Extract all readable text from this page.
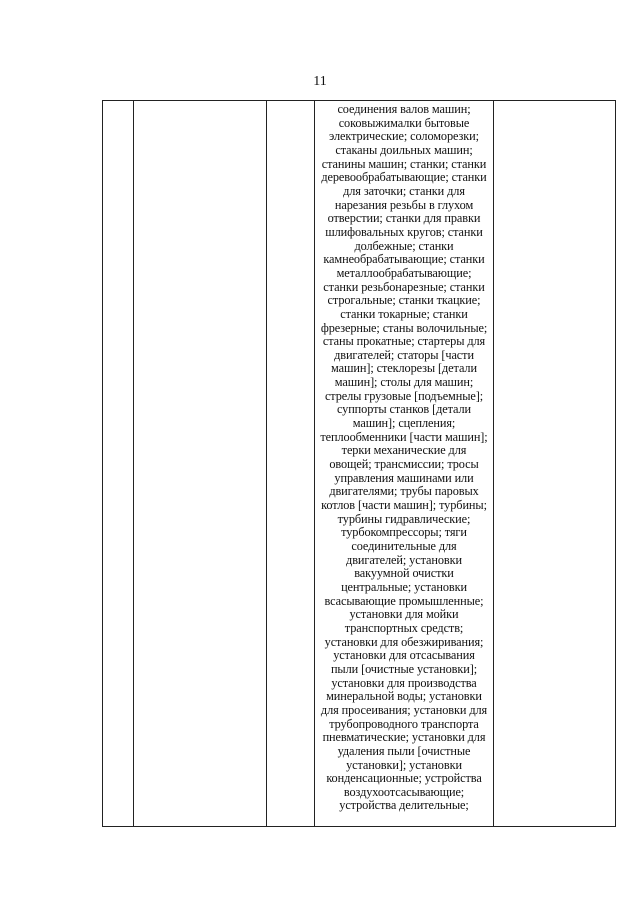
11

соединения валов машин;
соковыжималки бытовые
электрические; соломорезки;
стаканы доильных машин;
станины машин; станки; станки
деревообрабатывающие; станки
для заточки; станки для
нарезания резьбы в глухом
отверстии; станки для правки
шлифовальных кругов; станки
долбежные; станки
камнеобрабатывающие; станки
металлообрабатывающие;
станки резьбонарезные; станки
строгальные; станки ткацкие;
станки токарные; станки
фрезерные; станы волочильные;
станы прокатные; стартеры для
двигателей; статоры [части
машин]; стеклорезы [детали
машин]; столы для машин;
стрелы грузовые [подъемные];
суппорты станков [детали
машин]; сцепления;
теплообменники [части машин];
терки механические для
овощей; трансмиссии; тросы
управления машинами или
двигателями; трубы паровых
котлов [части машин]; турбины;
турбины гидравлические;
турбокомпрессоры; тяги
соединительные для
двигателей; установки
вакуумной очистки
центральные; установки
всасывающие промышленные;
установки для мойки
транспортных средств;
установки для обезжиривания;
установки для отсасывания
пыли [очистные установки];
установки для производства
минеральной воды; установки
для просеивания; установки для
трубопроводного транспорта
пневматические; установки для
удаления пыли [очистные
установки]; установки
конденсационные; устройства
воздухоотсасывающие;
устройства делительные;
